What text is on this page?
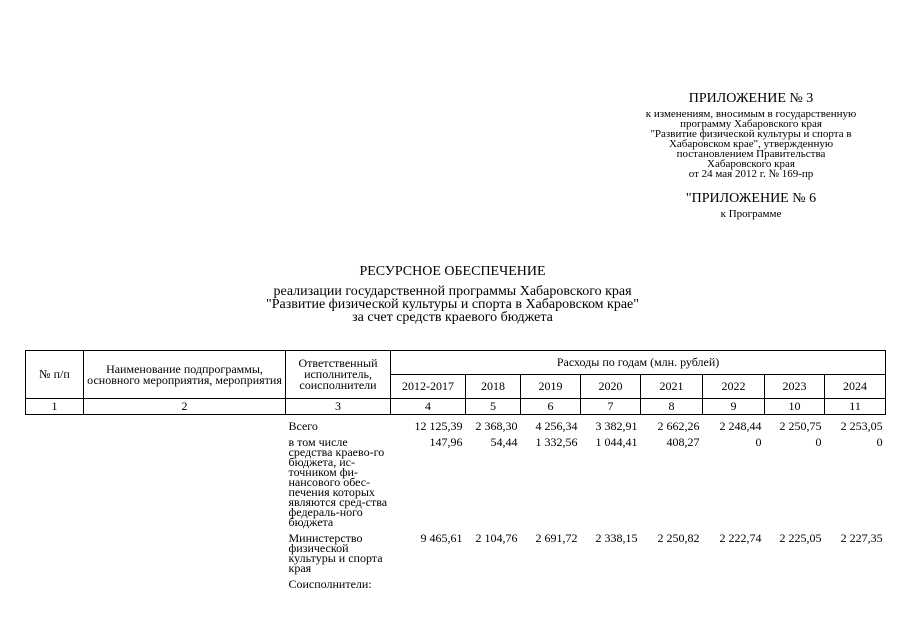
ПРИЛОЖЕНИЕ № 3
к изменениям, вносимым в государственную
программу Хабаровского края
"Развитие физической культуры и спорта в
Хабаровском крае", утвержденную
постановлением Правительства
Хабаровского края
от 24 мая 2012 г. № 169-пр
"ПРИЛОЖЕНИЕ № 6
к Программе
РЕСУРСНОЕ ОБЕСПЕЧЕНИЕ
реализации государственной программы Хабаровского края
"Развитие физической культуры и спорта в Хабаровском крае"
за счет средств краевого бюджета
№ п/п	Наименование подпрограммы, основного мероприятия, мероприятия	Ответственный исполнитель, соисполнители	Расходы по годам (млн. рублей)							
			2012-2017	2018	2019	2020	2021	2022	2023	2024
1	2	3	4	5	6	7	8	9	10	11
		Всего	12 125,39	2 368,30	4 256,34	3 382,91	2 662,26	2 248,44	2 250,75	2 253,05
		в том числе средства краево-го бюджета, ис-точником фи-нансового обес-печения которых являются сред-ства федераль-ного бюджета	147,96	54,44	1 332,56	1 044,41	408,27	0	0	0
		Министерство физической культуры и спорта края	9 465,61	2 104,76	2 691,72	2 338,15	2 250,82	2 222,74	2 225,05	2 227,35
		Соисполнители:								
